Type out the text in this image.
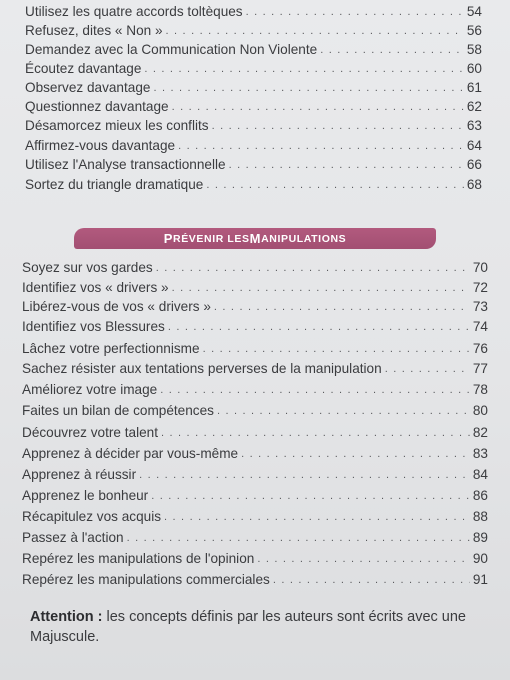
Utilisez les quatre accords toltèques . . .	54
Refusez, dites « Non » . . .	56
Demandez avec la Communication Non Violente . . .	58
Écoutez davantage . . .	60
Observez davantage . . .	61
Questionnez davantage . . .	62
Désamorcez mieux les conflits . . .	63
Affirmez-vous davantage . . .	64
Utilisez l'Analyse transactionnelle . . .	66
Sortez du triangle dramatique . . .	68
P RÉVENIR LES M ANIPULATIONS
Soyez sur vos gardes . . .	70
Identifiez vos « drivers » . . .	72
Libérez-vous de vos « drivers » . . .	73
Identifiez vos Blessures . . .	74
Lâchez votre perfectionnisme . . .	76
Sachez résister aux tentations perverses de la manipulation . . .	77
Améliorez votre image . . .	78
Faites un bilan de compétences . . .	80
Découvrez votre talent . . .	82
Apprenez à décider par vous-même . . .	83
Apprenez à réussir . . .	84
Apprenez le bonheur . . .	86
Récapitulez vos acquis . . .	88
Passez à l'action . . .	89
Repérez les manipulations de l'opinion . . .	90
Repérez les manipulations commerciales . . .	91
Attention : les concepts définis par les auteurs sont écrits avec une Majuscule.
